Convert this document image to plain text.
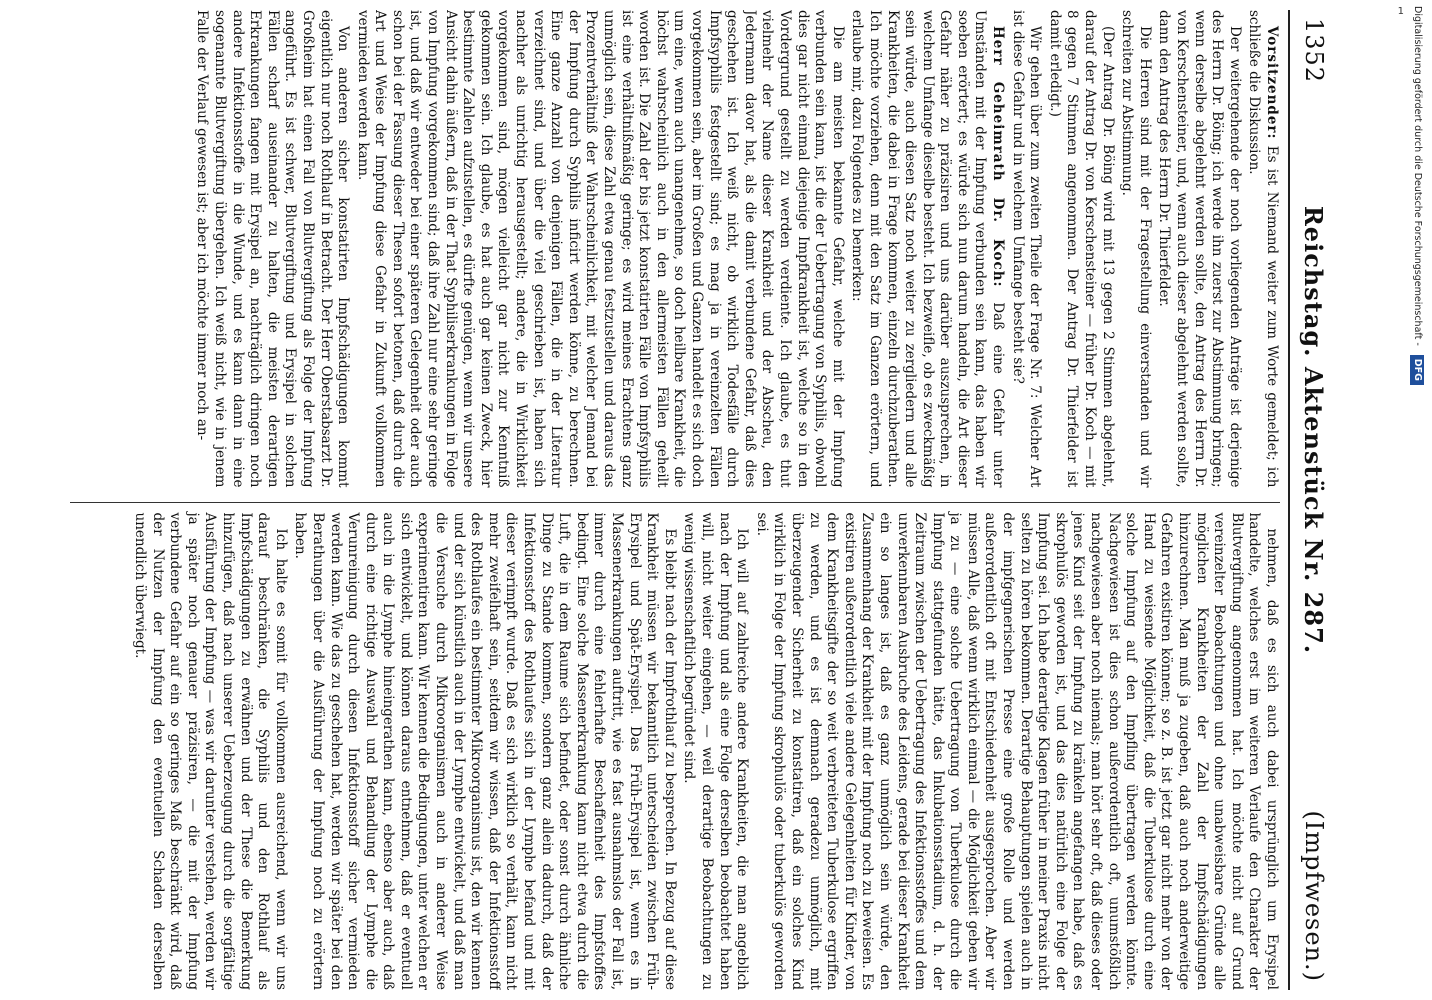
1352
Reichstag. Aktenstück Nr. 287.
(Impfwesen.)

Vorsitzender: Es ist Niemand weiter zum Worte gemeldet; ich schließe die Diskussion.

Der weitergehende der noch vorliegenden Anträge ist derjenige des Herrn Dr. Böing; ich werde ihn zuerst zur Abstimmung bringen; wenn derselbe abgelehnt werden sollte, den Antrag des Herrn Dr. von Kerschensteiner, und, wenn auch dieser abgelehnt werden sollte, dann den Antrag des Herrn Dr. Thierfelder.

Die Herren sind mit der Fragestellung einverstanden und wir schreiten zur Abstimmung.

(Der Antrag Dr. Böing wird mit 13 gegen 2 Stimmen abgelehnt, darauf der Antrag Dr. von Kerschensteiner — früher Dr. Koch — mit 8 gegen 7 Stimmen angenommen. Der Antrag Dr. Thierfelder ist damit erledigt.)

Wir gehen über zum zweiten Theile der Frage Nr. 7: Welcher Art ist diese Gefahr und in welchem Umfange besteht sie?

Herr Geheimrath Dr. Koch: Daß eine Gefahr unter Umständen mit der Impfung verbunden sein kann, das haben wir soeben erörtert; es würde sich nun darum handeln, die Art dieser Gefahr näher zu präzisiren und uns darüber auszusprechen, in welchem Umfange dieselbe besteht. Ich bezweifle, ob es zweckmäßig sein würde, auch diesen Satz noch weiter zu zergliedern und alle Krankheiten, die dabei in Frage kommen, einzeln durchzuberathen. Ich möchte vorziehen, denn mit den Satz im Ganzen erörtern, und erlaube mir, dazu Folgendes zu bemerken:

Die am meisten bekannte Gefahr, welche mit der Impfung verbunden sein kann, ist die der Uebertragung von Syphilis, obwohl dies gar nicht einmal diejenige Impfkrankheit ist, welche so in den Vordergrund gestellt zu werden verdiente. Ich glaube, es thut vielmehr der Name dieser Krankheit und der Abscheu, den Jedermann davor hat, als die damit verbundene Gefahr, daß dies geschehen ist. Ich weiß nicht, ob wirklich Todesfälle durch Impfsyphilis festgestellt sind; es mag ja in vereinzelten Fällen vorgekommen sein, aber im Großen und Ganzen handelt es sich doch um eine, wenn auch unangenehme, so doch heilbare Krankheit, die höchst wahrscheinlich auch in den allermeisten Fällen geheilt worden ist. Die Zahl der bis jetzt konstatirten Fälle von Impfsyphilis ist eine verhältnißmäßig geringe; es wird meines Erachtens ganz unmöglich sein, diese Zahl etwa genau festzustellen und daraus das Prozentverhältniß der Wahrscheinlichkeit, mit welcher Jemand bei der Impfung durch Syphilis inficirt werden könne, zu berechnen. Eine ganze Anzahl von denjenigen Fällen, die in der Literatur verzeichnet sind, und über die viel geschrieben ist, haben sich nachher als unrichtig herausgestellt; andere, die in Wirklichkeit vorgekommen sind, mögen vielleicht gar nicht zur Kenntniß gekommen sein. Ich glaube, es hat auch gar keinen Zweck, hier bestimmte Zahlen aufzustellen, es dürfte genügen, wenn wir unsere Ansicht dahin äußern, daß in der That Syphiliserkrankungen in Folge von Impfung vorgekommen sind; daß ihre Zahl nur eine sehr geringe ist, und daß wir entweder bei einer späteren Gelegenheit oder auch schon bei der Fassung dieser Thesen sofort betonen, daß durch die Art und Weise der Impfung diese Gefahr in Zukunft vollkommen vermieden werden kann.

Von anderen sicher konstatirten Impfschädigungen kommt eigentlich nur noch Rothlauf in Betracht. Der Herr Oberstabsarzt Dr. Großheim hat einen Fall von Blutvergiftung als Folge der Impfung angeführt. Es ist schwer, Blutvergiftung und Erysipel in solchen Fällen scharf auseinander zu halten, die meisten derartigen Erkrankungen fangen mit Erysipel an, nachträglich dringen noch andere Infektionsstoffe in die Wunde, und es kann dann in eine sogenannte Blutvergiftung übergehen. Ich weiß nicht, wie in jenem Falle der Verlauf gewesen ist; aber ich möchte immer noch an-

nehmen, daß es sich auch dabei ursprünglich um Erysipel handelte, welches erst im weiteren Verlaufe den Charakter der Blutvergiftung angenommen hat. Ich möchte nicht auf Grund vereinzelter Beobachtungen und ohne unabweisbare Gründe alle möglichen Krankheiten der Zahl der Impfschädigungen hinzurechnen. Man muß ja zugeben, daß auch noch anderweitige Gefahren existiren können; so z. B. ist jetzt gar nicht mehr von der Hand zu weisende Möglichkeit, daß die Tuberkulose durch eine solche Impfung auf den Impfling übertragen werden könnte. Nachgewiesen ist dies schon außerordentlich oft, unumstößlich nachgewiesen aber noch niemals; man hört sehr oft, daß dieses oder jenes Kind seit der Impfung zu kränkeln angefangen habe, daß es skrophulös geworden ist, und das dies natürlich eine Folge der Impfung sei. Ich habe derartige Klagen früher in meiner Praxis nicht selten zu hören bekommen. Derartige Behauptungen spielen auch in der impfgegnerischen Presse eine große Rolle und werden außerordentlich oft mit Entschiedenheit ausgesprochen. Aber wir müssen Alle, daß wenn wirklich einmal — die Möglichkeit geben wir ja zu — eine solche Uebertragung von Tuberkulose durch die Impfung stattgefunden hätte, das Inkubationsstadium, d. h. der Zeitraum zwischen der Uebertragung des Infektionsstoffes und dem unverkennbaren Ausbruche des Leidens, gerade bei dieser Krankheit ein so langes ist, daß es ganz unmöglich sein würde, den Zusammenhang der Krankheit mit der Impfung noch zu beweisen. Es existiren außerordentlich viele andere Gelegenheiten für Kinder, von dem Krankheitsgifte der so weit verbreiteten Tuberkulose ergriffen zu werden, und es ist demnach geradezu unmöglich, mit überzeugender Sicherheit zu konstatiren, daß ein solches Kind wirklich in Folge der Impfung skrophulös oder tuberkulös geworden sei.

Ich will auf zahlreiche andere Krankheiten, die man angeblich nach der Impfung und als eine Folge derselben beobachtet haben will, nicht weiter eingehen, — weil derartige Beobachtungen zu wenig wissenschaftlich begründet sind.

Es bleibt nach der Impfrothlauf zu besprechen. In Bezug auf diese Krankheit müssen wir bekanntlich unterscheiden zwischen Früh-Erysipel und Spät-Erysipel. Das Früh-Erysipel ist, wenn es in Massenerkrankungen auftritt, wie es fast ausnahmslos der Fall ist, immer durch eine fehlerhafte Beschaffenheit des Impfstoffes bedingt. Eine solche Massenerkrankung kann nicht etwa durch die Luft, die in dem Raume sich befindet, oder sonst durch ähnliche Dinge zu Stande kommen, sondern ganz allein dadurch, daß der Infektionsstoff des Rothlaufes sich in der Lymphe befand und mit dieser verimpft wurde. Daß es sich wirklich so verhält, kann nicht mehr zweifelhaft sein, seitdem wir wissen, daß der Infektionsstoff des Rothlaufes ein bestimmter Mikroorganismus ist, den wir kennen und der sich künstlich auch in der Lymphe entwickelt, und daß man die Versuche durch Mikroorganismen auch in anderer Weise experimentiren kann. Wir kennen die Bedingungen, unter welchen er sich entwickelt, und können daraus entnehmen, daß er eventuell auch in die Lymphe hineingerathen kann, ebenso aber auch, daß durch eine richtige Auswahl und Behandlung der Lymphe die Verunreinigung durch diesen Infektionsstoff sicher vermieden werden kann. Wie das zu geschehen hat, werden wir später bei den Berathungen über die Ausführung der Impfung noch zu erörtern haben.

Ich halte es somit für vollkommen ausreichend, wenn wir uns darauf beschränken, die Syphilis und den Rothlauf als Impfschädigungen zu erwähnen und der These die Bemerkung hinzufügen, daß nach unserer Ueberzeugung durch die sorgfältige Ausführung der Impfung — was wir darunter verstehen, werden wir ja später noch genauer präzisiren, — die mit der Impfung verbundene Gefahr auf ein so geringes Maß beschränkt wird, daß der Nutzen der Impfung den eventuellen Schaden derselben unendlich überwiegt.

Digitalisierung gefördert durch die Deutsche Forschungsgemeinschaft - DFG
1
